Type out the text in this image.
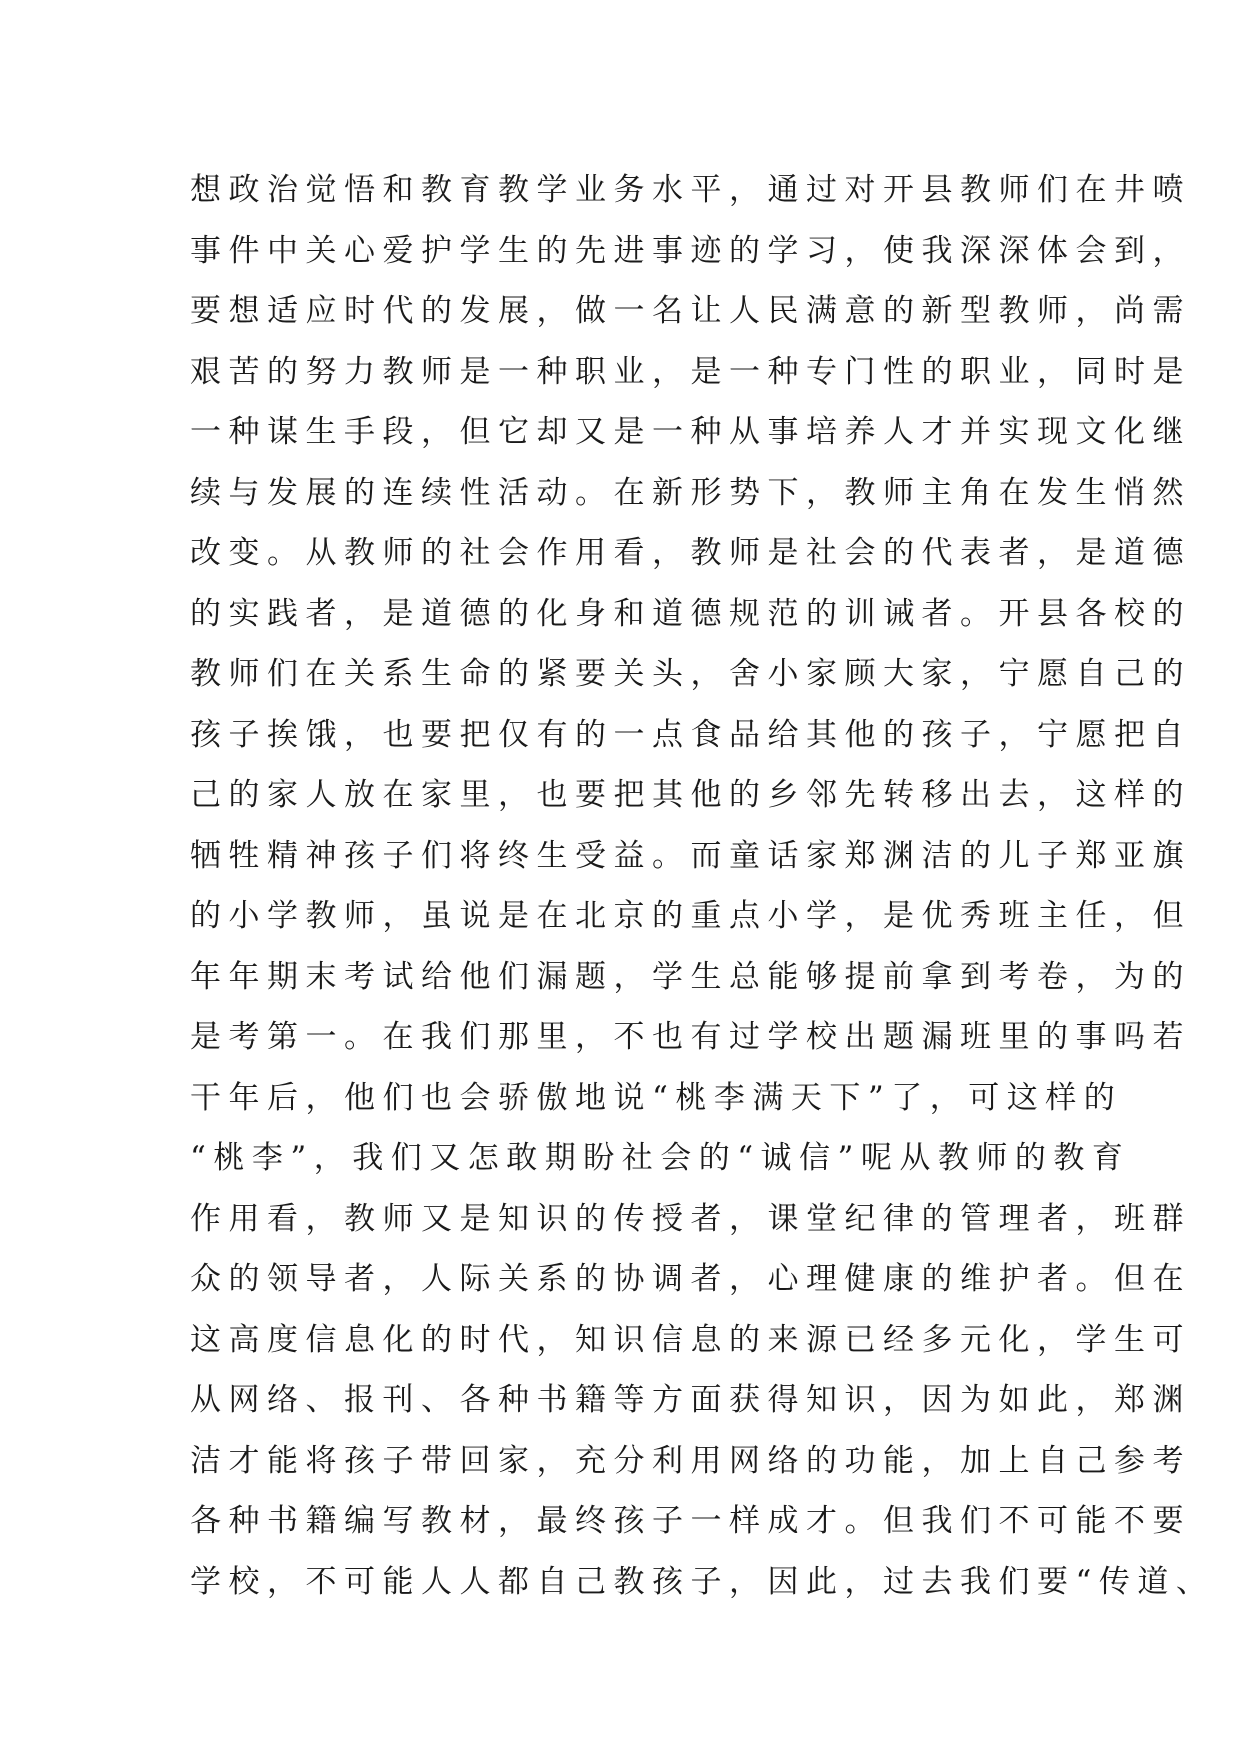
想政治觉悟和教育教学业务水平，通过对开县教师们在井喷
事件中关心爱护学生的先进事迹的学习，使我深深体会到，
要想适应时代的发展，做一名让人民满意的新型教师，尚需
艰苦的努力教师是一种职业，是一种专门性的职业，同时是
一种谋生手段，但它却又是一种从事培养人才并实现文化继
续与发展的连续性活动。在新形势下，教师主角在发生悄然
改变。从教师的社会作用看，教师是社会的代表者，是道德
的实践者，是道德的化身和道德规范的训诫者。开县各校的
教师们在关系生命的紧要关头，舍小家顾大家，宁愿自己的
孩子挨饿，也要把仅有的一点食品给其他的孩子，宁愿把自
己的家人放在家里，也要把其他的乡邻先转移出去，这样的
牺牲精神孩子们将终生受益。而童话家郑渊洁的儿子郑亚旗
的小学教师，虽说是在北京的重点小学，是优秀班主任，但
年年期末考试给他们漏题，学生总能够提前拿到考卷，为的
是考第一。在我们那里，不也有过学校出题漏班里的事吗若
干年后，他们也会骄傲地说“桃李满天下”了，可这样的
“桃李”，我们又怎敢期盼社会的“诚信”呢从教师的教育
作用看，教师又是知识的传授者，课堂纪律的管理者，班群
众的领导者，人际关系的协调者，心理健康的维护者。但在
这高度信息化的时代，知识信息的来源已经多元化，学生可
从网络、报刊、各种书籍等方面获得知识，因为如此，郑渊
洁才能将孩子带回家，充分利用网络的功能，加上自己参考
各种书籍编写教材，最终孩子一样成才。但我们不可能不要
学校，不可能人人都自己教孩子，因此，过去我们要“传道、
